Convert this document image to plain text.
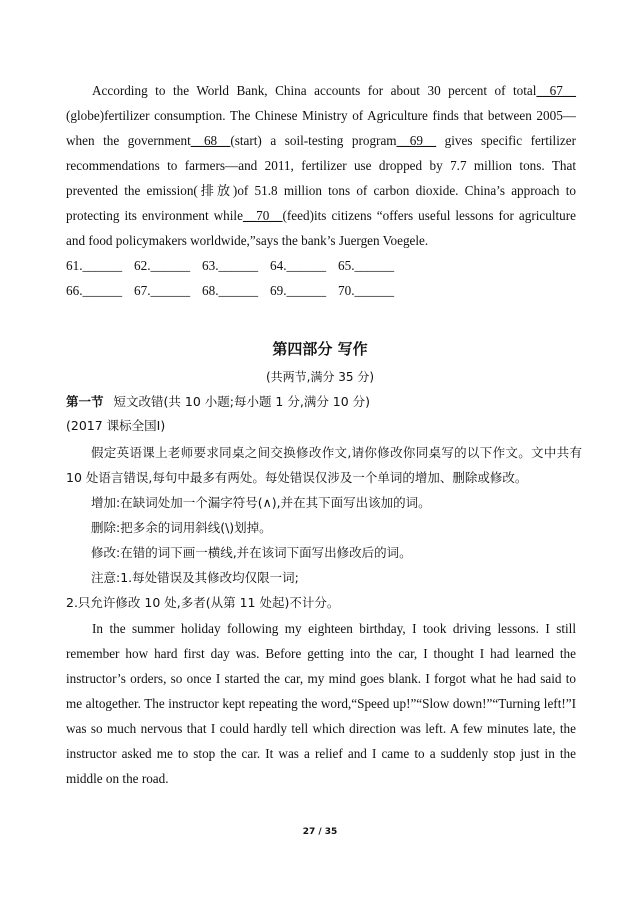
According to the World Bank, China accounts for about 30 percent of total__67__ (globe)fertilizer consumption. The Chinese Ministry of Agriculture finds that between 2005—when the government__68__(start) a soil-testing program__69__ gives specific fertilizer recommendations to farmers—and 2011, fertilizer use dropped by 7.7 million tons. That prevented the emission(排放)of 51.8 million tons of carbon dioxide. China’s approach to protecting its environment while__70__(feed)its citizens “offers useful lessons for agriculture and food policymakers worldwide,”says the bank’s Juergen Voegele.
61.______ 62.______ 63.______ 64.______ 65.______
66.______ 67.______ 68.______ 69.______ 70.______
第四部分 写作
(共两节,满分 35 分)
第一节 短文改错(共 10 小题;每小题 1 分,满分 10 分)
(2017 课标全国Ⅰ)
假定英语课上老师要求同桌之间交换修改作文,请你修改你同桌写的以下作文。文中共有 10 处语言错误,每句中最多有两处。每处错误仅涉及一个单词的增加、删除或修改。
增加:在缺词处加一个漏字符号(∧),并在其下面写出该加的词。
删除:把多余的词用斜线(\)划掉。
修改:在错的词下画一横线,并在该词下面写出修改后的词。
注意:1.每处错误及其修改均仅限一词;
2.只允许修改 10 处,多者(从第 11 处起)不计分。
In the summer holiday following my eighteen birthday, I took driving lessons. I still remember how hard first day was. Before getting into the car, I thought I had learned the instructor’s orders, so once I started the car, my mind goes blank. I forgot what he had said to me altogether. The instructor kept repeating the word,“Speed up!”“Slow down!”“Turning left!”I was so much nervous that I could hardly tell which direction was left. A few minutes late, the instructor asked me to stop the car. It was a relief and I came to a suddenly stop just in the middle on the road.
27 / 35
